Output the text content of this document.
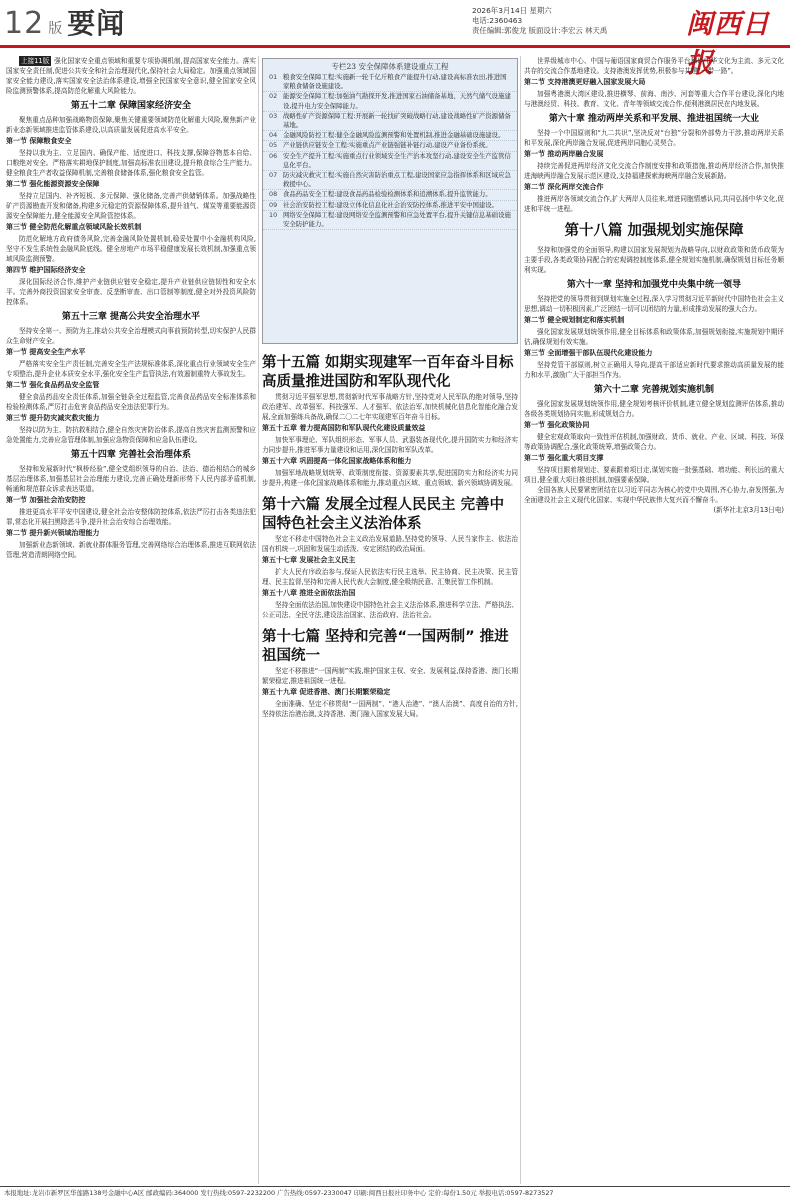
12 版 要闻	2026年3月14日 星期六
电话:2360463
责任编辑:郭俊龙 版面设计:李宏云 林天禹	闽西日报

上接11版 强化国家安全重点领域和重要专项协调机制,提高国家安全能力。落实国家安全责任制,促进公共安全和社会治理现代化,保持社会大局稳定。加强重点领域国家安全能力建设,落实国家安全法治体系建设,增强全民国家安全意识,健全国家安全风险监测预警体系,提高防范化解重大风险能力。

第五十二章 保障国家经济安全

聚焦重点品种加强战略物资保障,聚焦关键重要领域防范化解重大风险,聚焦新产业新业态新领域推进监管体系建设,以高质量发展促进高水平安全。

第一节 保障粮食安全

坚持以我为主、立足国内、确保产能、适度进口、科技支撑,保障谷物基本自给、口粮绝对安全。严格落实耕地保护制度,加强高标准农田建设,提升粮食综合生产能力。健全粮食生产者收益保障机制,完善粮食储备体系,强化粮食安全监管。

第二节 强化能源资源安全保障

坚持立足国内、补齐短板、多元保障、强化储备,完善产供储销体系。加强战略性矿产资源勘查开发和储备,构建多元稳定的资源保障体系,提升油气、煤炭等重要能源资源安全保障能力,健全能源安全风险管控体系。

第三节 健全防范化解重点领域风险长效机制

防范化解地方政府债务风险,完善金融风险处置机制,稳妥处置中小金融机构风险,坚守不发生系统性金融风险底线。健全房地产市场平稳健康发展长效机制,加强重点领域风险监测预警。

第四节 维护国际经济安全

深化国际经济合作,维护产业链供应链安全稳定,提升产业链供应链韧性和安全水平。完善外商投资国家安全审查、反垄断审查、出口管制等制度,健全对外投资风险防控体系。

第五十三章 提高公共安全治理水平

坚持安全第一、预防为主,推动公共安全治理模式向事前预防转型,切实保护人民群众生命财产安全。

第一节 提高安全生产水平

严格落实安全生产责任制,完善安全生产法规标准体系,深化重点行业领域安全生产专项整治,提升企业本质安全水平,强化安全生产监管执法,有效遏制重特大事故发生。

第二节 强化食品药品安全监管

健全食品药品安全责任体系,加强全链条全过程监管,完善食品药品安全标准体系和检验检测体系,严厉打击危害食品药品安全违法犯罪行为。

第三节 提升防灾减灾救灾能力

坚持以防为主、防抗救相结合,健全自然灾害防治体系,提高自然灾害监测预警和应急处置能力,完善应急管理体制,加强应急物资保障和应急队伍建设。

第五十四章 完善社会治理体系

坚持和发展新时代“枫桥经验”,健全党组织领导的自治、法治、德治相结合的城乡基层治理体系,加强基层社会治理能力建设,完善正确处理新形势下人民内部矛盾机制,畅通和规范群众诉求表达渠道。

第一节 加强社会治安防控

推进更高水平平安中国建设,健全社会治安整体防控体系,依法严厉打击各类违法犯罪,常态化开展扫黑除恶斗争,提升社会治安综合治理效能。

第二节 提升新兴领域治理能力

加强新业态新领域、新就业群体服务管理,完善网络综合治理体系,推进互联网依法管理,营造清朗网络空间。

专栏23 安全保障体系建设重点工程
01 粮食安全保障工程:实施新一轮千亿斤粮食产能提升行动,建设高标准农田,推进国家粮食储备设施建设。
02 能源安全保障工程:加强油气勘探开发,推进国家石油储备基地、天然气储气设施建设,提升电力安全保障能力。
03 战略性矿产资源保障工程:开展新一轮找矿突破战略行动,建设战略性矿产资源储备基地。
04 金融风险防控工程:健全金融风险监测预警和处置机制,推进金融基础设施建设。
05 产业链供应链安全工程:实施重点产业链强链补链行动,建设产业备份系统。
06 安全生产提升工程:实施重点行业领域安全生产治本攻坚行动,建设安全生产监管信息化平台。
07 防灾减灾救灾工程:实施自然灾害防治重点工程,建设国家应急指挥体系和区域应急救援中心。
08 食品药品安全工程:建设食品药品检验检测体系和追溯体系,提升监管能力。
09 社会治安防控工程:建设立体化信息化社会治安防控体系,推进平安中国建设。
10 网络安全保障工程:建设网络安全监测预警和应急处置平台,提升关键信息基础设施安全防护能力。
第十五篇 如期实现建军一百年奋斗目标 高质量推进国防和军队现代化

贯彻习近平强军思想,贯彻新时代军事战略方针,坚持党对人民军队的绝对领导,坚持政治建军、改革强军、科技强军、人才强军、依法治军,加快机械化信息化智能化融合发展,全面加强练兵备战,确保二〇二七年实现建军百年奋斗目标。

第五十五章 着力提高国防和军队现代化建设质量效益

加快军事理论、军队组织形态、军事人员、武器装备现代化,提升国防实力和经济实力同步提升,推进军事力量建设和运用,深化国防和军队改革。

第五十六章 巩固提高一体化国家战略体系和能力

加强军地战略规划统筹、政策制度衔接、资源要素共享,促进国防实力和经济实力同步提升,构建一体化国家战略体系和能力,推动重点区域、重点领域、新兴领域协调发展。

第十六篇 发展全过程人民民主 完善中国特色社会主义法治体系

坚定不移走中国特色社会主义政治发展道路,坚持党的领导、人民当家作主、依法治国有机统一,巩固和发展生动活泼、安定团结的政治局面。

第五十七章 发展社会主义民主

扩大人民有序政治参与,保证人民依法实行民主选举、民主协商、民主决策、民主管理、民主监督,坚持和完善人民代表大会制度,健全吸纳民意、汇集民智工作机制。

第五十八章 推进全面依法治国

坚持全面依法治国,加快建设中国特色社会主义法治体系,推进科学立法、严格执法、公正司法、全民守法,建设法治国家、法治政府、法治社会。

第十七篇 坚持和完善“一国两制” 推进祖国统一

坚定不移推进“一国两制”实践,维护国家主权、安全、发展利益,保持香港、澳门长期繁荣稳定,推进祖国统一进程。

第五十九章 促进香港、澳门长期繁荣稳定

全面准确、坚定不移贯彻“一国两制”、“港人治港”、“澳人治澳”、高度自治的方针,坚持依法治港治澳,支持香港、澳门融入国家发展大局。

世界级城市中心、中国与葡语国家商贸合作服务平台和以中华文化为主流、多元文化共存的交流合作基地建设。支持港澳发挥优势,积极参与共建“一带一路”。

第二节 支持港澳更好融入国家发展大局

加强粤港澳大湾区建设,推进横琴、前海、南沙、河套等重大合作平台建设,深化内地与港澳经贸、科技、教育、文化、青年等领域交流合作,便利港澳居民在内地发展。

第六十章 推动两岸关系和平发展、推进祖国统一大业

坚持一个中国原则和“九二共识”,坚决反对“台独”分裂和外部势力干涉,推动两岸关系和平发展,深化两岸融合发展,促进两岸同胞心灵契合。

第一节 推动两岸融合发展

持续完善促进两岸经济文化交流合作制度安排和政策措施,推动两岸经济合作,加快推进海峡两岸融合发展示范区建设,支持福建探索海峡两岸融合发展新路。

第二节 深化两岸交流合作

推进两岸各领域交流合作,扩大两岸人员往来,增进同胞情感认同,共同弘扬中华文化,促进和平统一进程。

第十八篇 加强规划实施保障

坚持和加强党的全面领导,构建以国家发展规划为战略导向,以财政政策和货币政策为主要手段,各类政策协同配合的宏观调控制度体系,健全规划实施机制,确保规划目标任务顺利实现。

第六十一章 坚持和加强党中央集中统一领导

坚持把党的领导贯彻到规划实施全过程,深入学习贯彻习近平新时代中国特色社会主义思想,调动一切积极因素,广泛团结一切可以团结的力量,形成推动发展的强大合力。

第二节 健全规划制定和落实机制

强化国家发展规划统领作用,健全目标体系和政策体系,加强规划衔接,实施规划中期评估,确保规划有效实施。

第三节 全面增强干部队伍现代化建设能力

坚持党管干部原则,树立正确用人导向,提高干部适应新时代要求推动高质量发展的能力和水平,激励广大干部担当作为。

第六十二章 完善规划实施机制

强化国家发展规划统领作用,健全规划考核评价机制,建立健全规划监测评估体系,推动各级各类规划协同实施,形成规划合力。

第一节 强化政策协同

健全宏观政策取向一致性评估机制,加强财政、货币、就业、产业、区域、科技、环保等政策协调配合,强化政策统筹,增强政策合力。

第二节 强化重大项目支撑

坚持项目跟着规划走、要素跟着项目走,谋划实施一批强基础、增功能、利长远的重大项目,健全重大项目推进机制,加强要素保障。

全国各族人民要紧密团结在以习近平同志为核心的党中央周围,齐心协力,奋发图强,为全面建设社会主义现代化国家、实现中华民族伟大复兴而不懈奋斗。

(新华社北京3月13日电)

本报地址:龙岩市新罗区华莲路138号金融中心A区 邮政编码:364000 发行热线:0597-2232200 广告热线:0597-2330047 印刷:闽西日报社印务中心 定价:每份1.50元 举报电话:0597-8273527
